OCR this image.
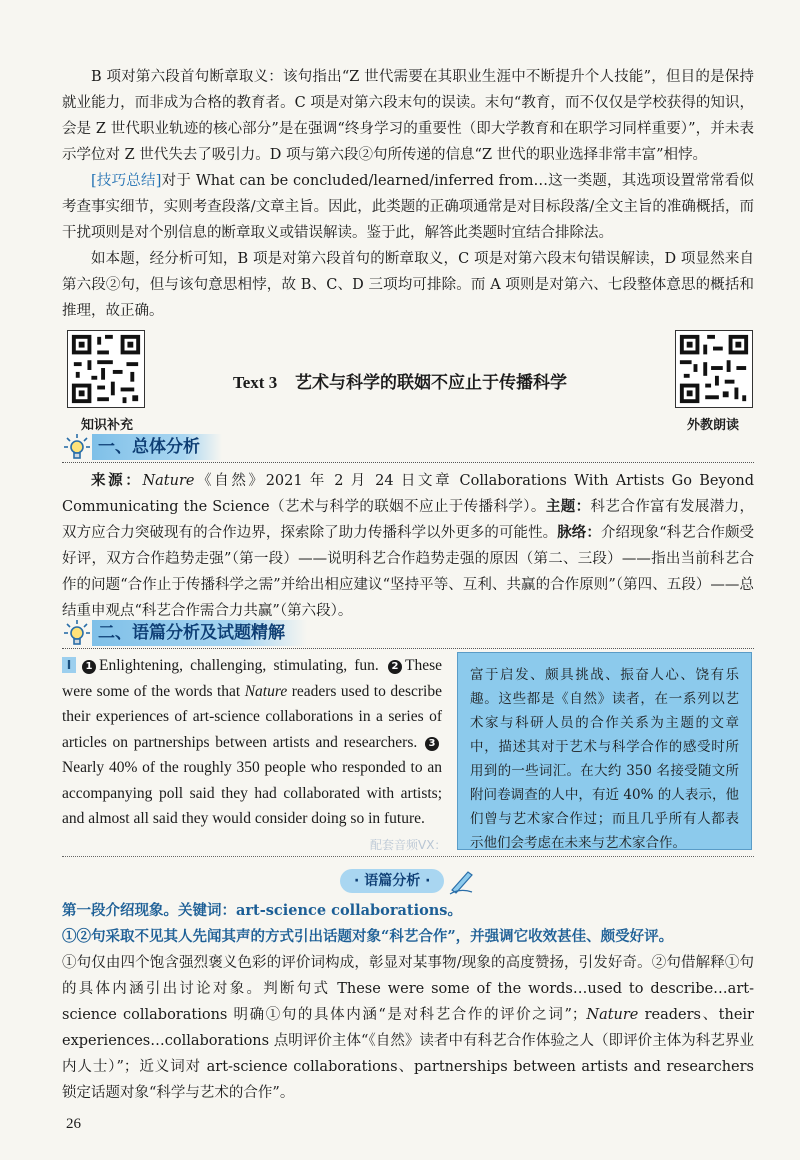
B 项对第六段首句断章取义：该句指出“Z 世代需要在其职业生涯中不断提升个人技能”，但目的是保持就业能力，而非成为合格的教育者。C 项是对第六段末句的误读。末句“教育，而不仅仅是学校获得的知识，会是 Z 世代职业轨迹的核心部分”是在强调“终身学习的重要性（即大学教育和在职学习同样重要）”，并未表示学位对 Z 世代失去了吸引力。D 项与第六段②句所传递的信息“Z 世代的职业选择非常丰富”相悖。

[技巧总结]对于 What can be concluded/learned/inferred from…这一类题，其选项设置常常看似考查事实细节，实则考查段落/文章主旨。因此，此类题的正确项通常是对目标段落/全文主旨的准确概括，而干扰项则是对个别信息的断章取义或错误解读。鉴于此，解答此类题时宜结合排除法。

如本题，经分析可知，B 项是对第六段首句的断章取义，C 项是对第六段末句错误解读，D 项显然来自第六段②句，但与该句意思相悖，故 B、C、D 三项均可排除。而 A 项则是对第六、七段整体意思的概括和推理，故正确。

知识补充
Text 3 艺术与科学的联姻不应止于传播科学
外教朗读
一、总体分析

来源：Nature《自然》2021 年 2 月 24 日文章 Collaborations With Artists Go Beyond Communicating the Science（艺术与科学的联姻不应止于传播科学）。主题：科艺合作富有发展潜力，双方应合力突破现有的合作边界，探索除了助力传播科学以外更多的可能性。脉络：介绍现象“科艺合作颇受好评，双方合作趋势走强”（第一段）——说明科艺合作趋势走强的原因（第二、三段）——指出当前科艺合作的问题“合作止于传播科学之需”并给出相应建议“坚持平等、互利、共赢的合作原则”（第四、五段）——总结重申观点“科艺合作需合力共赢”（第六段）。

二、语篇分析及试题精解
Ⅰ 1 Enlightening, challenging, stimulating, fun. 2 These were some of the words that Nature readers used to describe their experiences of art-science collaborations in a series of articles on partnerships between artists and researchers. 3Nearly 40% of the roughly 350 people who responded to an accompanying poll said they had collaborated with artists; and almost all said they would consider doing so in future.
富于启发、颇具挑战、振奋人心、饶有乐趣。这些都是《自然》读者，在一系列以艺术家与科研人员的合作关系为主题的文章中，描述其对于艺术与科学合作的感受时所用到的一些词汇。在大约 350 名接受随文所附问卷调查的人中，有近 40% 的人表示，他们曾与艺术家合作过；而且几乎所有人都表示他们会考虑在未来与艺术家合作。
配套音频VX：
· 语篇分析 ·
第一段介绍现象。关键词：art-science collaborations。
①②句采取不见其人先闻其声的方式引出话题对象“科艺合作”，并强调它收效甚佳、颇受好评。
①句仅由四个饱含强烈褒义色彩的评价词构成，彰显对某事物/现象的高度赞扬，引发好奇。②句借解释①句的具体内涵引出讨论对象。判断句式 These were some of the words…used to describe…art-science collaborations 明确①句的具体内涵“是对科艺合作的评价之词”；Nature readers、their experiences…collaborations 点明评价主体“《自然》读者中有科艺合作体验之人（即评价主体为科艺界业内人士）”；近义词对 art-science collaborations、partnerships between artists and researchers 锁定话题对象“科学与艺术的合作”。
26
